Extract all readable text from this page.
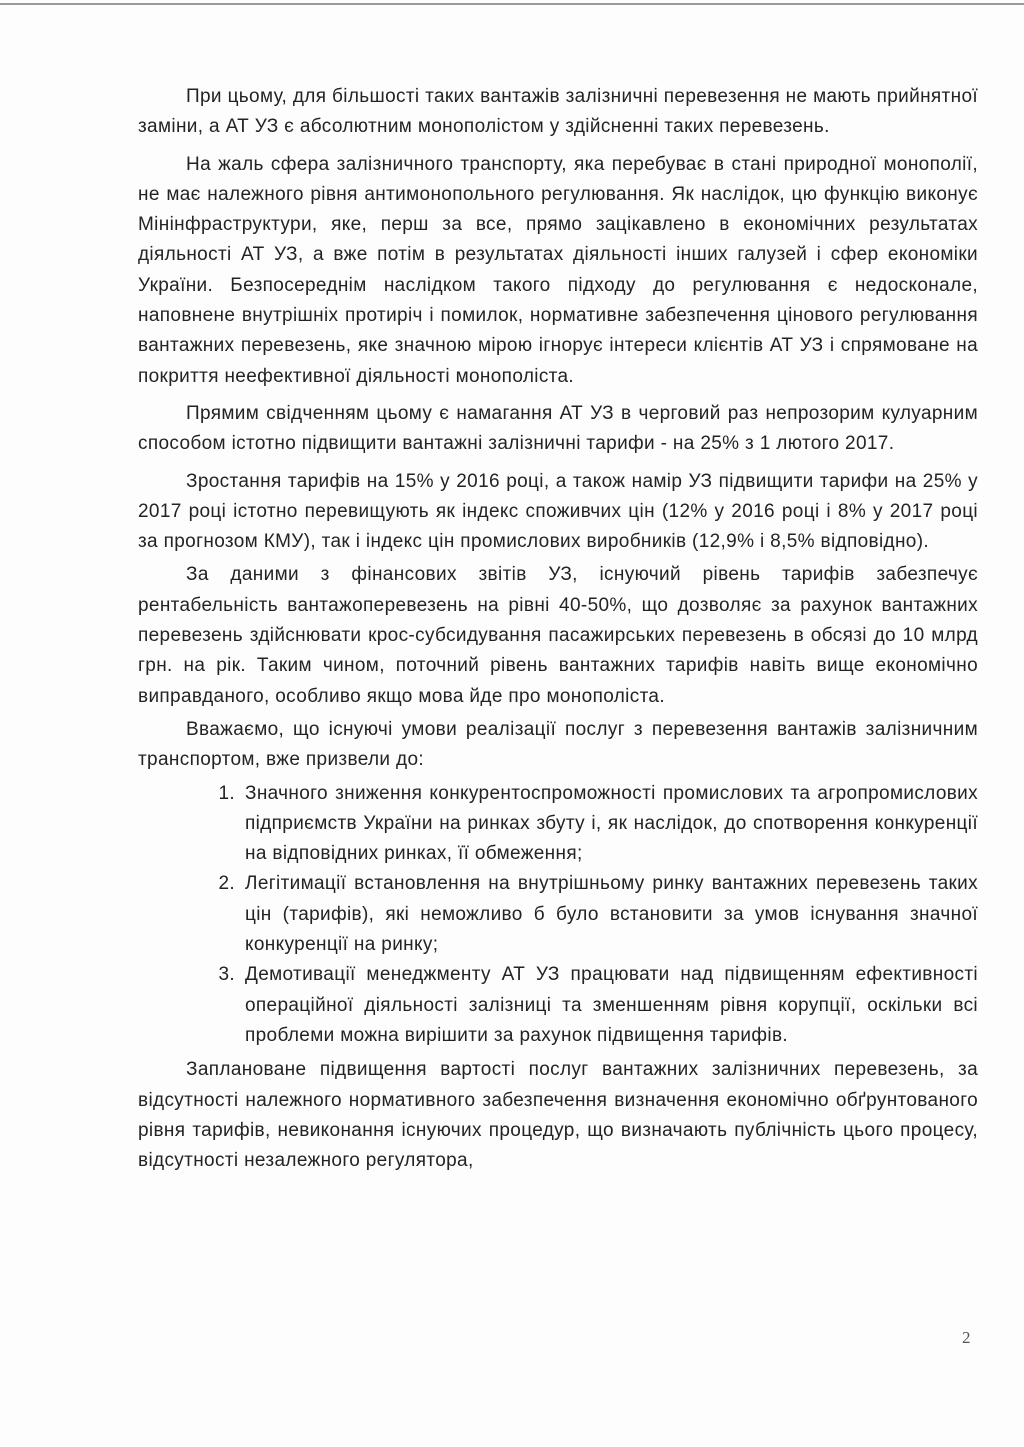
При цьому, для більшості таких вантажів залізничні перевезення не мають прийнятної заміни, а АТ УЗ є абсолютним монополістом у здійсненні таких перевезень.

На жаль сфера залізничного транспорту, яка перебуває в стані природної монополії, не має належного рівня антимонопольного регулювання. Як наслідок, цю функцію виконує Мінінфраструктури, яке, перш за все, прямо зацікавлено в економічних результатах діяльності АТ УЗ, а вже потім в результатах діяльності інших галузей і сфер економіки України. Безпосереднім наслідком такого підходу до регулювання є недосконале, наповнене внутрішніх протиріч і помилок, нормативне забезпечення цінового регулювання вантажних перевезень, яке значною мірою ігнорує інтереси клієнтів АТ УЗ і спрямоване на покриття неефективної діяльності монополіста.

Прямим свідченням цьому є намагання АТ УЗ в черговий раз непрозорим кулуарним способом істотно підвищити вантажні залізничні тарифи - на 25% з 1 лютого 2017.

Зростання тарифів на 15% у 2016 році, а також намір УЗ підвищити тарифи на 25% у 2017 році істотно перевищують як індекс споживчих цін (12% у 2016 році і 8% у 2017 році за прогнозом КМУ), так і індекс цін промислових виробників (12,9% і 8,5% відповідно).

За даними з фінансових звітів УЗ, існуючий рівень тарифів забезпечує рентабельність вантажоперевезень на рівні 40-50%, що дозволяє за рахунок вантажних перевезень здійснювати крос-субсидування пасажирських перевезень в обсязі до 10 млрд грн. на рік. Таким чином, поточний рівень вантажних тарифів навіть вище економічно виправданого, особливо якщо мова йде про монополіста.

Вважаємо, що існуючі умови реалізації послуг з перевезення вантажів залізничним транспортом, вже призвели до:

1. Значного зниження конкурентоспроможності промислових та агропромислових підприємств України на ринках збуту і, як наслідок, до спотворення конкуренції на відповідних ринках, її обмеження;
2. Легітимації встановлення на внутрішньому ринку вантажних перевезень таких цін (тарифів), які неможливо б було встановити за умов існування значної конкуренції на ринку;
3. Демотивації менеджменту АТ УЗ працювати над підвищенням ефективності операційної діяльності залізниці та зменшенням рівня корупції, оскільки всі проблеми можна вирішити за рахунок підвищення тарифів.

Заплановане підвищення вартості послуг вантажних залізничних перевезень, за відсутності належного нормативного забезпечення визначення економічно обґрунтованого рівня тарифів, невиконання існуючих процедур, що визначають публічність цього процесу, відсутності незалежного регулятора,

2
